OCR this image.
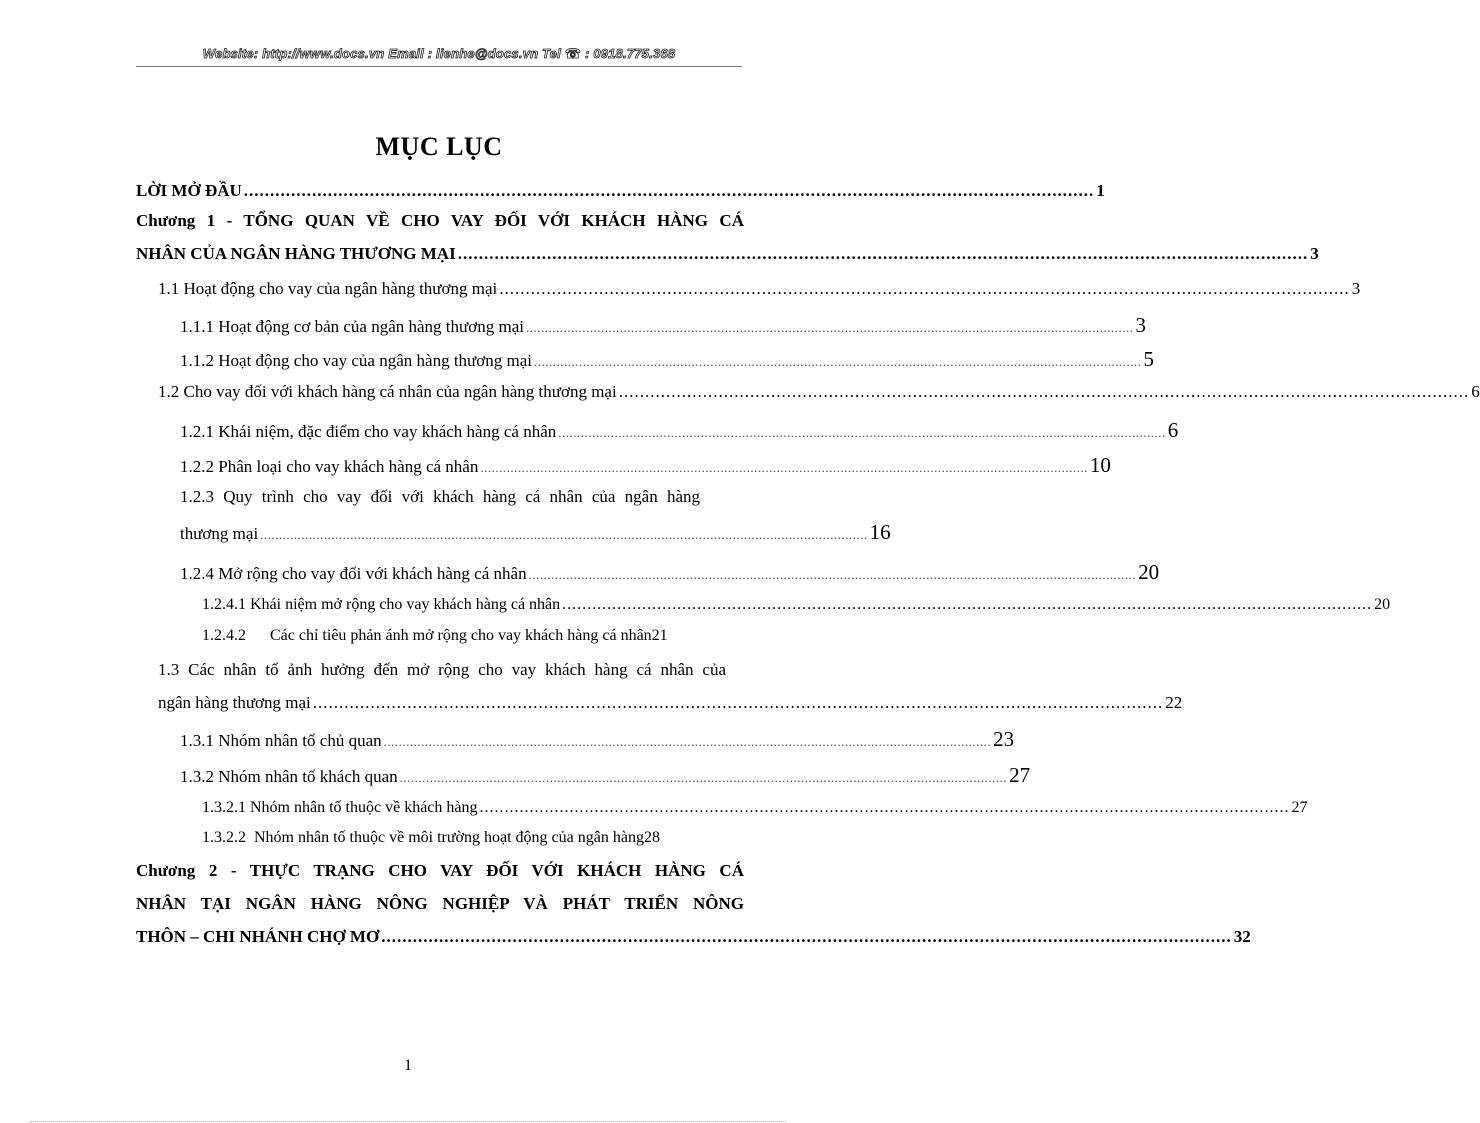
Website: http://www.docs.vn Email : lienhe@docs.vn Tel ☎ : 0918.775.368
MỤC LỤC
LỜI MỞ ĐẦU .................................................................................................................................................................. 1
Chương 1 - TỔNG QUAN VỀ CHO VAY ĐỐI VỚI KHÁCH HÀNG CÁ
NHÂN CỦA NGÂN HÀNG THƯƠNG MẠI .................................................................................................................................................................. 3
1.1 Hoạt động cho vay của ngân hàng thương mại .................................................................................................................................................................. 3
1.1.1 Hoạt động cơ bản của ngân hàng thương mại .................................................................................................................................................................. 3
1.1.2 Hoạt động cho vay của ngân hàng thương mại .................................................................................................................................................................. 5
1.2 Cho vay đối với khách hàng cá nhân của ngân hàng thương mại .................................................................................................................................................................. 6
1.2.1 Khái niệm, đặc điểm cho vay khách hàng cá nhân .................................................................................................................................................................. 6
1.2.2 Phân loại cho vay khách hàng cá nhân .................................................................................................................................................................. 10
1.2.3 Quy trình cho vay đối với khách hàng cá nhân của ngân hàng
thương mại .................................................................................................................................................................. 16
1.2.4 Mở rộng cho vay đối với khách hàng cá nhân .................................................................................................................................................................. 20
1.2.4.1 Khái niệm mở rộng cho vay khách hàng cá nhân .................................................................................................................................................................. 20
1.2.4.2      Các chỉ tiêu phản ánh mở rộng cho vay khách hàng cá nhân 21
1.3 Các nhân tố ảnh hưởng đến mở rộng cho vay khách hàng cá nhân của
ngân hàng thương mại .................................................................................................................................................................. 22
1.3.1 Nhóm nhân tố chủ quan .................................................................................................................................................................. 23
1.3.2 Nhóm nhân tố khách quan .................................................................................................................................................................. 27
1.3.2.1 Nhóm nhân tố thuộc về khách hàng .................................................................................................................................................................. 27
1.3.2.2  Nhóm nhân tố thuộc về môi trường hoạt động của ngân hàng 28
Chương 2 - THỰC TRẠNG CHO VAY ĐỐI VỚI KHÁCH HÀNG CÁ
NHÂN TẠI NGÂN HÀNG NÔNG NGHIỆP VÀ PHÁT TRIỂN NÔNG
THÔN – CHI NHÁNH CHỢ MƠ .................................................................................................................................................................. 32
1
